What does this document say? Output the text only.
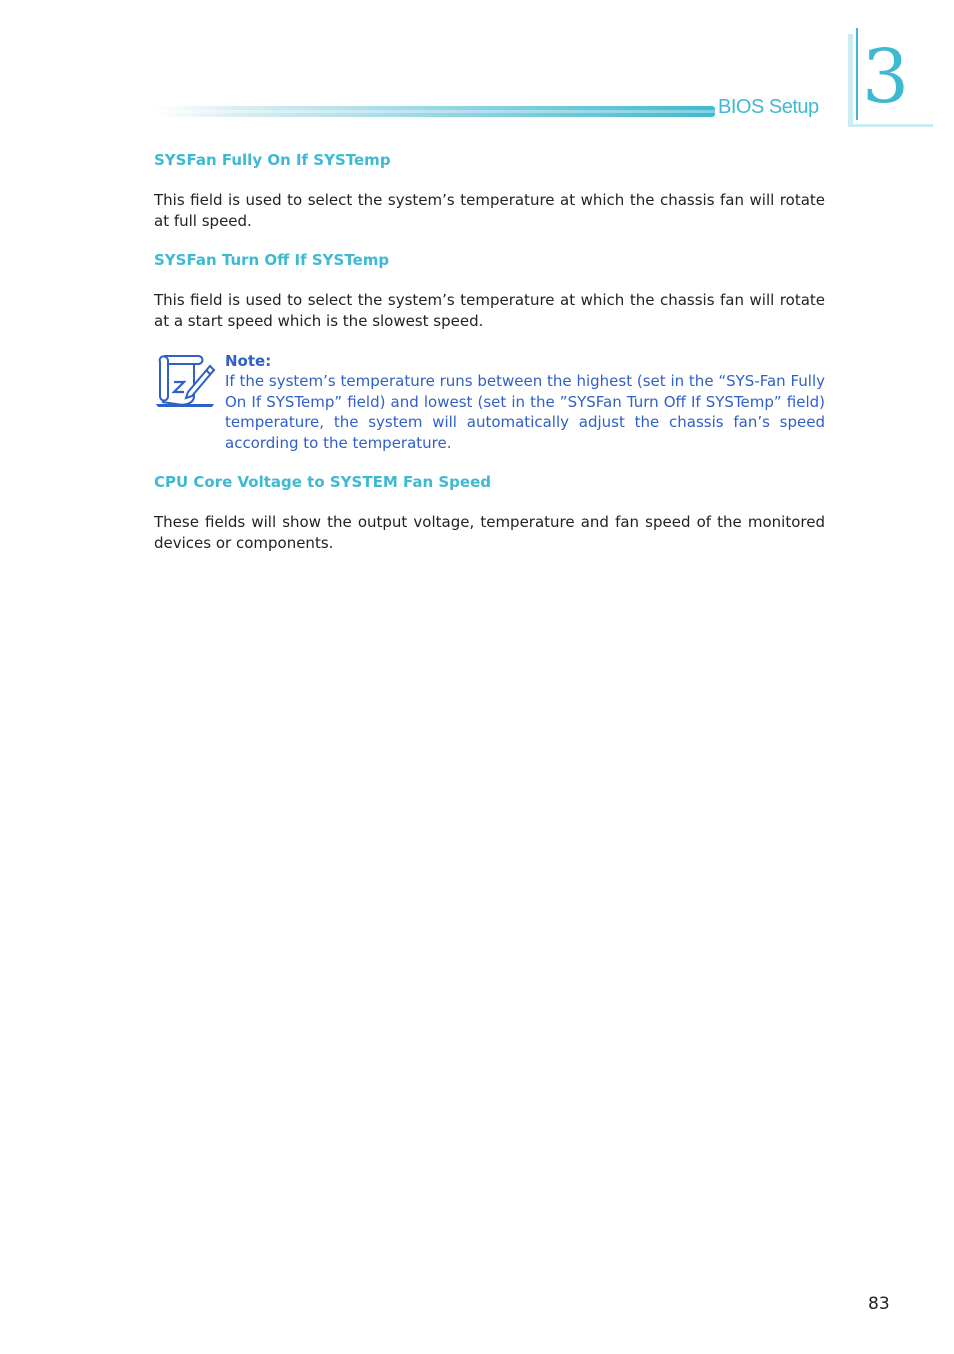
BIOS Setup 3
SYSFan Fully On If SYSTemp
This field is used to select the system’s temperature at which the chassis fan will rotate at full speed.
SYSFan Turn Off If SYSTemp
This field is used to select the system’s temperature at which the chassis fan will rotate at a start speed which is the slowest speed.
Note:
If the system’s temperature runs between the highest (set in the “SYS-Fan Fully On If SYSTemp” field) and lowest (set in the ”SYSFan Turn Off If SYSTemp” field) temperature, the system will automatically adjust the chassis fan’s speed according to the temperature.
CPU Core Voltage to SYSTEM Fan Speed
These fields will show the output voltage, temperature and fan speed of the monitored devices or components.
83
